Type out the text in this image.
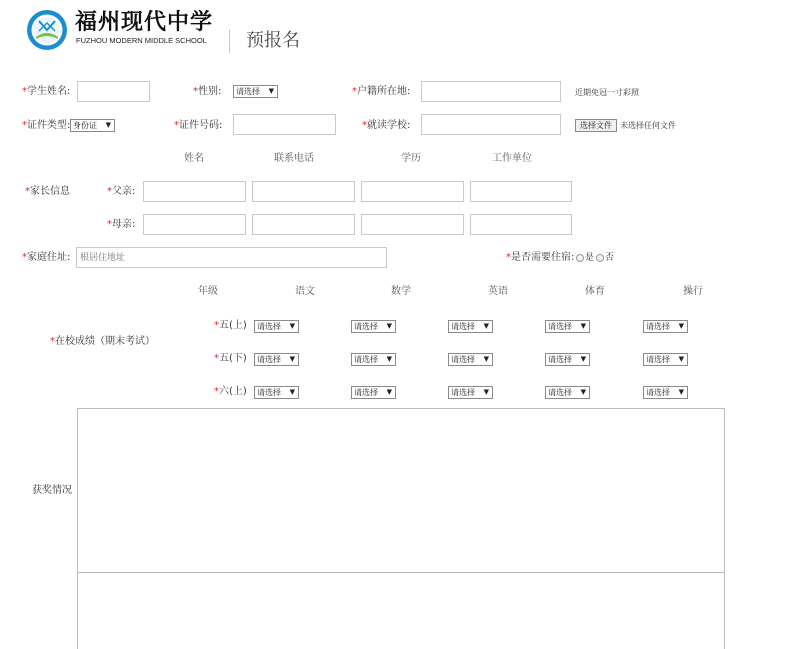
福州现代中学
FUZHOU MODERN MIDDLE SCHOOL 预报名
*学生姓名:	*性别:	请选择 ▼	*户籍所在地:	近期免冠一寸彩照
*证件类型: 身份证 ▼	*证件号码:	*就读学校:	选择文件	未选择任何文件
姓名	联系电话	学历	工作单位
*家长信息	*父亲:
*母亲:
*家庭住址:
根居住地址	*是否需要住宿:	是 否
年级	语文	数学	英语	体育	操行
*在校成绩（期末考试）
*五(上)	请选择 ▼	请选择 ▼	请选择 ▼	请选择 ▼	请选择 ▼
*五(下)	请选择 ▼	请选择 ▼	请选择 ▼	请选择 ▼	请选择 ▼
*六(上)	请选择 ▼	请选择 ▼	请选择 ▼	请选择 ▼	请选择 ▼
获奖情况
